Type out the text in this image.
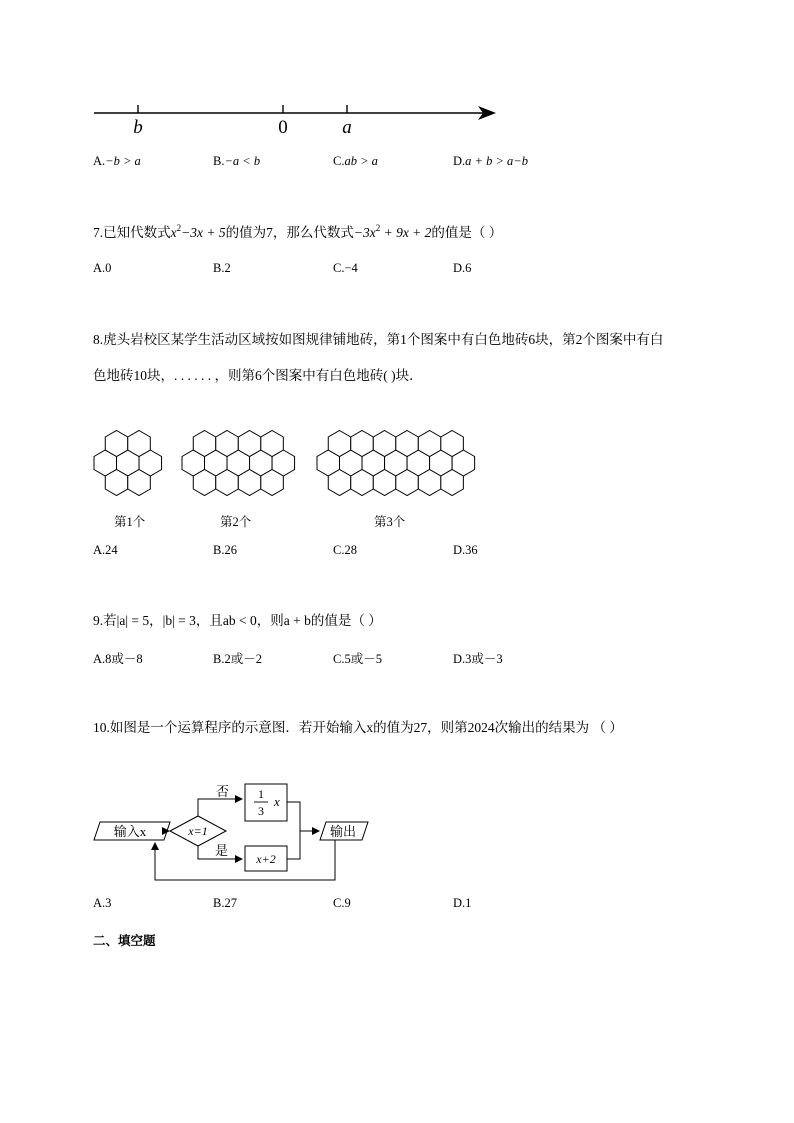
b	0	a
A.−b > a	B.−a < b	C.ab > a	D.a + b > a−b
7.已知代数式$x^2-3x + 5$的值为7，那么代数式$-3x^2 + 9x + 2$的值是（ ）
A.0	B.2	C.−4	D.6
8.虎头岩校区某学生活动区域按如图规律铺地砖，第1个图案中有白色地砖6块，第2个图案中有白
色地砖10块，. . . . . . ，则第6个图案中有白色地砖( )块．
第1个	第2个	第3个
A.24	B.26	C.28	D.36
9.若|a| = 5，|b| = 3，且ab < 0，则a + b的值是（ ）
A.8或－8	B.2或－2	C.5或－5	D.3或－3
10.如图是一个运算程序的示意图．若开始输入x的值为27，则第2024次输出的结果为 （ ）
输入x	x=1
否 1
3
x
是
x+2
输出
A.3	B.27	C.9	D.1
二、填空题
